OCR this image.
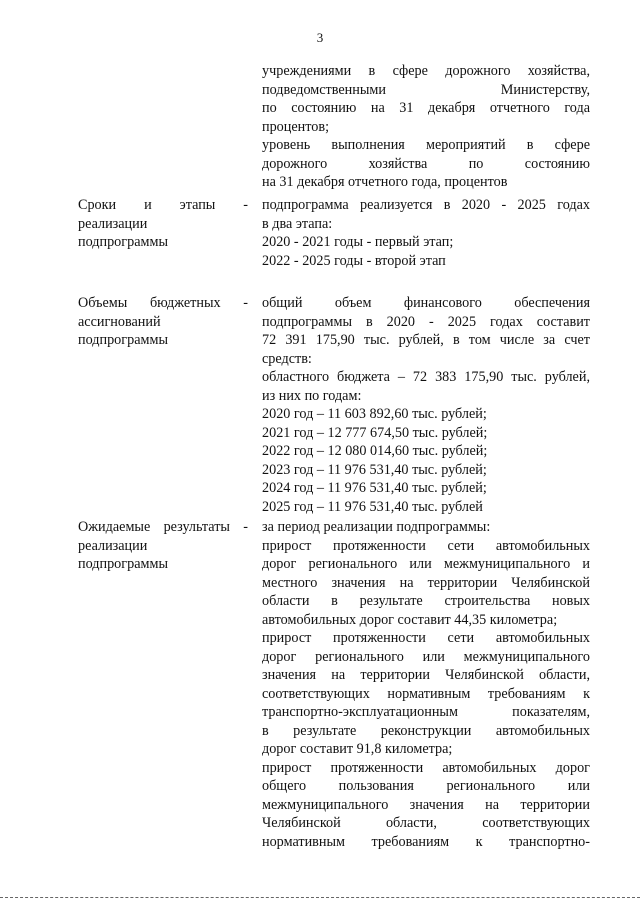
3
учреждениями в сфере дорожного хозяйства,
подведомственными Министерству,
по состоянию на 31 декабря отчетного года
процентов;
уровень выполнения мероприятий в сфере
дорожного хозяйства по состоянию
на 31 декабря отчетного года, процентов
Сроки и этапы -
реализации
подпрограммы
подпрограмма реализуется в 2020 - 2025 годах
в два этапа:
2020 - 2021 годы - первый этап;
2022 - 2025 годы - второй этап
Объемы бюджетных -
ассигнований
подпрограммы
общий объем финансового обеспечения
подпрограммы в 2020 - 2025 годах составит
72 391 175,90 тыс. рублей, в том числе за счет
средств:
областного бюджета – 72 383 175,90 тыс. рублей,
из них по годам:
2020 год – 11 603 892,60 тыс. рублей;
2021 год – 12 777 674,50 тыс. рублей;
2022 год – 12 080 014,60 тыс. рублей;
2023 год – 11 976 531,40 тыс. рублей;
2024 год – 11 976 531,40 тыс. рублей;
2025 год – 11 976 531,40 тыс. рублей
Ожидаемые результаты -
реализации
подпрограммы
за период реализации подпрограммы:
прирост протяженности сети автомобильных
дорог регионального или межмуниципального и
местного значения на территории Челябинской
области в результате строительства новых
автомобильных дорог составит 44,35 километра;
прирост протяженности сети автомобильных
дорог регионального или межмуниципального
значения на территории Челябинской области,
соответствующих нормативным требованиям к
транспортно-эксплуатационным показателям,
в результате реконструкции автомобильных
дорог составит 91,8 километра;
прирост протяженности автомобильных дорог
общего пользования регионального или
межмуниципального значения на территории
Челябинской области, соответствующих
нормативным требованиям к транспортно-
